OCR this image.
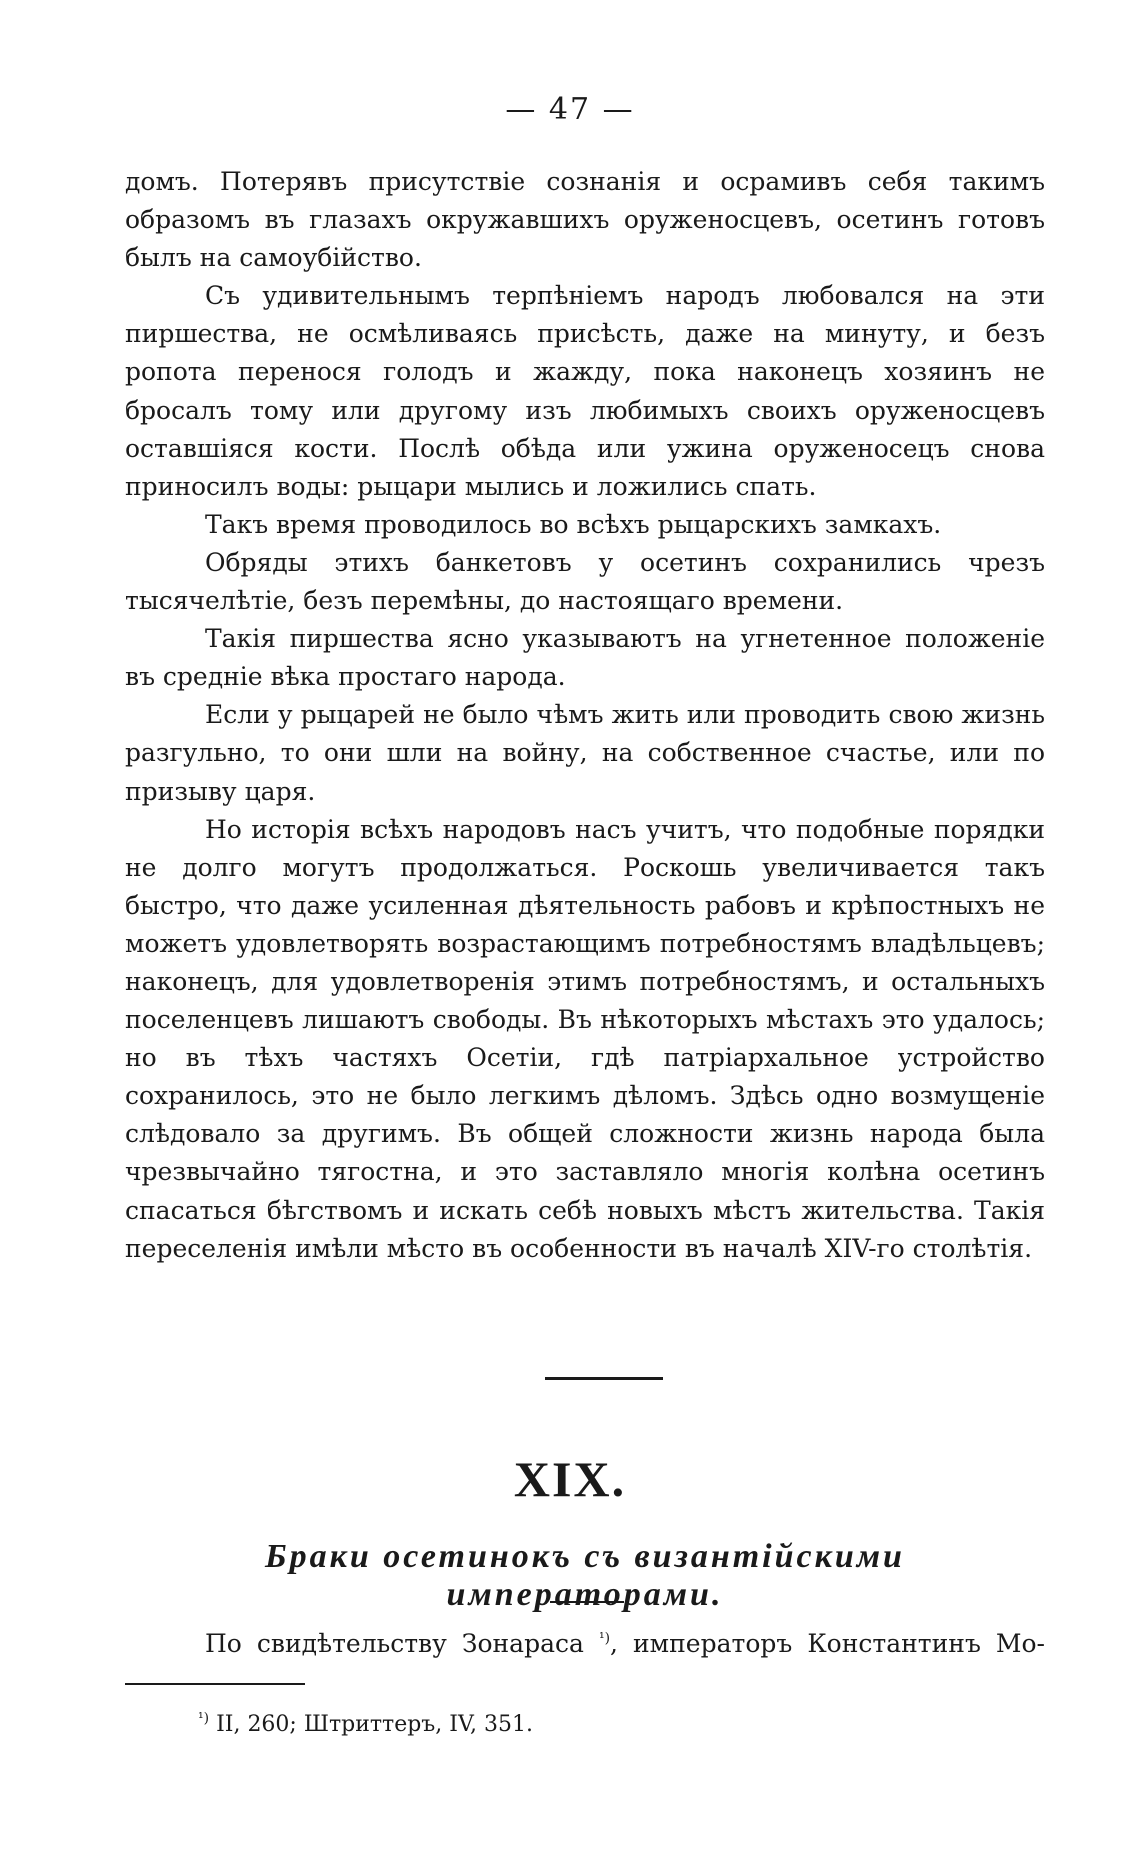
— 47 —

домъ. Потерявъ присутствіе сознанія и осрамивъ себя такимъ образомъ въ глазахъ окружавшихъ оруженосцевъ, осетинъ готовъ былъ на самоубійство.

Съ удивительнымъ терпѣніемъ народъ любовался на эти пиршества, не осмѣливаясь присѣсть, даже на минуту, и безъ ропота перенося голодъ и жажду, пока наконецъ хозяинъ не бросалъ тому или другому изъ любимыхъ своихъ оруженосцевъ оставшіяся кости. Послѣ обѣда или ужина оруженосецъ снова приносилъ воды: рыцари мылись и ложились спать.

Такъ время проводилось во всѣхъ рыцарскихъ замкахъ.

Обряды этихъ банкетовъ у осетинъ сохранились чрезъ тысячелѣтіе, безъ перемѣны, до настоящаго времени.

Такія пиршества ясно указываютъ на угнетенное положеніе въ средніе вѣка простаго народа.

Если у рыцарей не было чѣмъ жить или проводить свою жизнь разгульно, то они шли на войну, на собственное счастье, или по призыву царя.

Но исторія всѣхъ народовъ насъ учитъ, что подобные порядки не долго могутъ продолжаться. Роскошь увеличивается такъ быстро, что даже усиленная дѣятельность рабовъ и крѣпостныхъ не можетъ удовлетворять возрастающимъ потребностямъ владѣльцевъ; наконецъ, для удовлетворенія этимъ потребностямъ, и остальныхъ поселенцевъ лишаютъ свободы. Въ нѣкоторыхъ мѣстахъ это удалось; но въ тѣхъ частяхъ Осетіи, гдѣ патріархальное устройство сохранилось, это не было легкимъ дѣломъ. Здѣсь одно возмущеніе слѣдовало за другимъ. Въ общей сложности жизнь народа была чрезвычайно тягостна, и это заставляло многія колѣна осетинъ спасаться бѣгствомъ и искать себѣ новыхъ мѣстъ жительства. Такія переселенія имѣли мѣсто въ особенности въ началѣ XIV-го столѣтія.

XIX.
Браки осетинокъ съ византійскими императорами.
По свидѣтельству Зонараса $^{^1)}$, императоръ Константинъ Мо-
$^{^1)}$ II, 260; Штриттеръ, IV, 351.
